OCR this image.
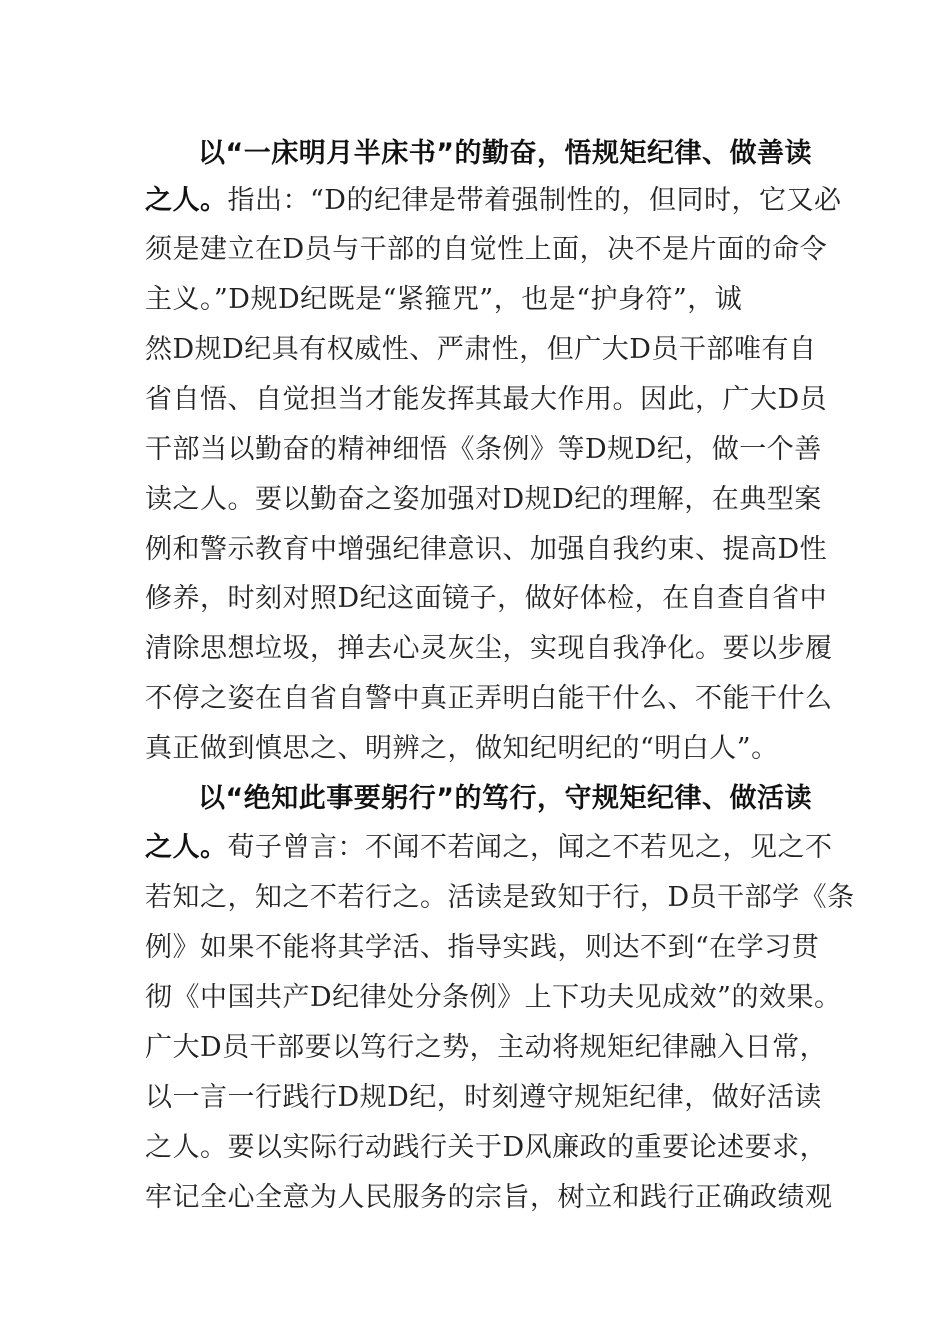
以“一床明月半床书”的勤奋，悟规矩纪律、做善读
之人。指出：“D的纪律是带着强制性的，但同时，它又必
须是建立在D员与干部的自觉性上面，决不是片面的命令
主义。”D规D纪既是“紧箍咒”，也是“护身符”，诚
然D规D纪具有权威性、严肃性，但广大D员干部唯有自
省自悟、自觉担当才能发挥其最大作用。因此，广大D员
干部当以勤奋的精神细悟《条例》等D规D纪，做一个善
读之人。要以勤奋之姿加强对D规D纪的理解，在典型案
例和警示教育中增强纪律意识、加强自我约束、提高D性
修养，时刻对照D纪这面镜子，做好体检，在自查自省中
清除思想垃圾，掸去心灵灰尘，实现自我净化。要以步履
不停之姿在自省自警中真正弄明白能干什么、不能干什么
真正做到慎思之、明辨之，做知纪明纪的“明白人”。
以“绝知此事要躬行”的笃行，守规矩纪律、做活读
之人。荀子曾言：不闻不若闻之，闻之不若见之，见之不
若知之，知之不若行之。活读是致知于行，D员干部学《条
例》如果不能将其学活、指导实践，则达不到“在学习贯
彻《中国共产D纪律处分条例》上下功夫见成效”的效果。
广大D员干部要以笃行之势，主动将规矩纪律融入日常，
以一言一行践行D规D纪，时刻遵守规矩纪律，做好活读
之人。要以实际行动践行关于D风廉政的重要论述要求，
牢记全心全意为人民服务的宗旨，树立和践行正确政绩观
